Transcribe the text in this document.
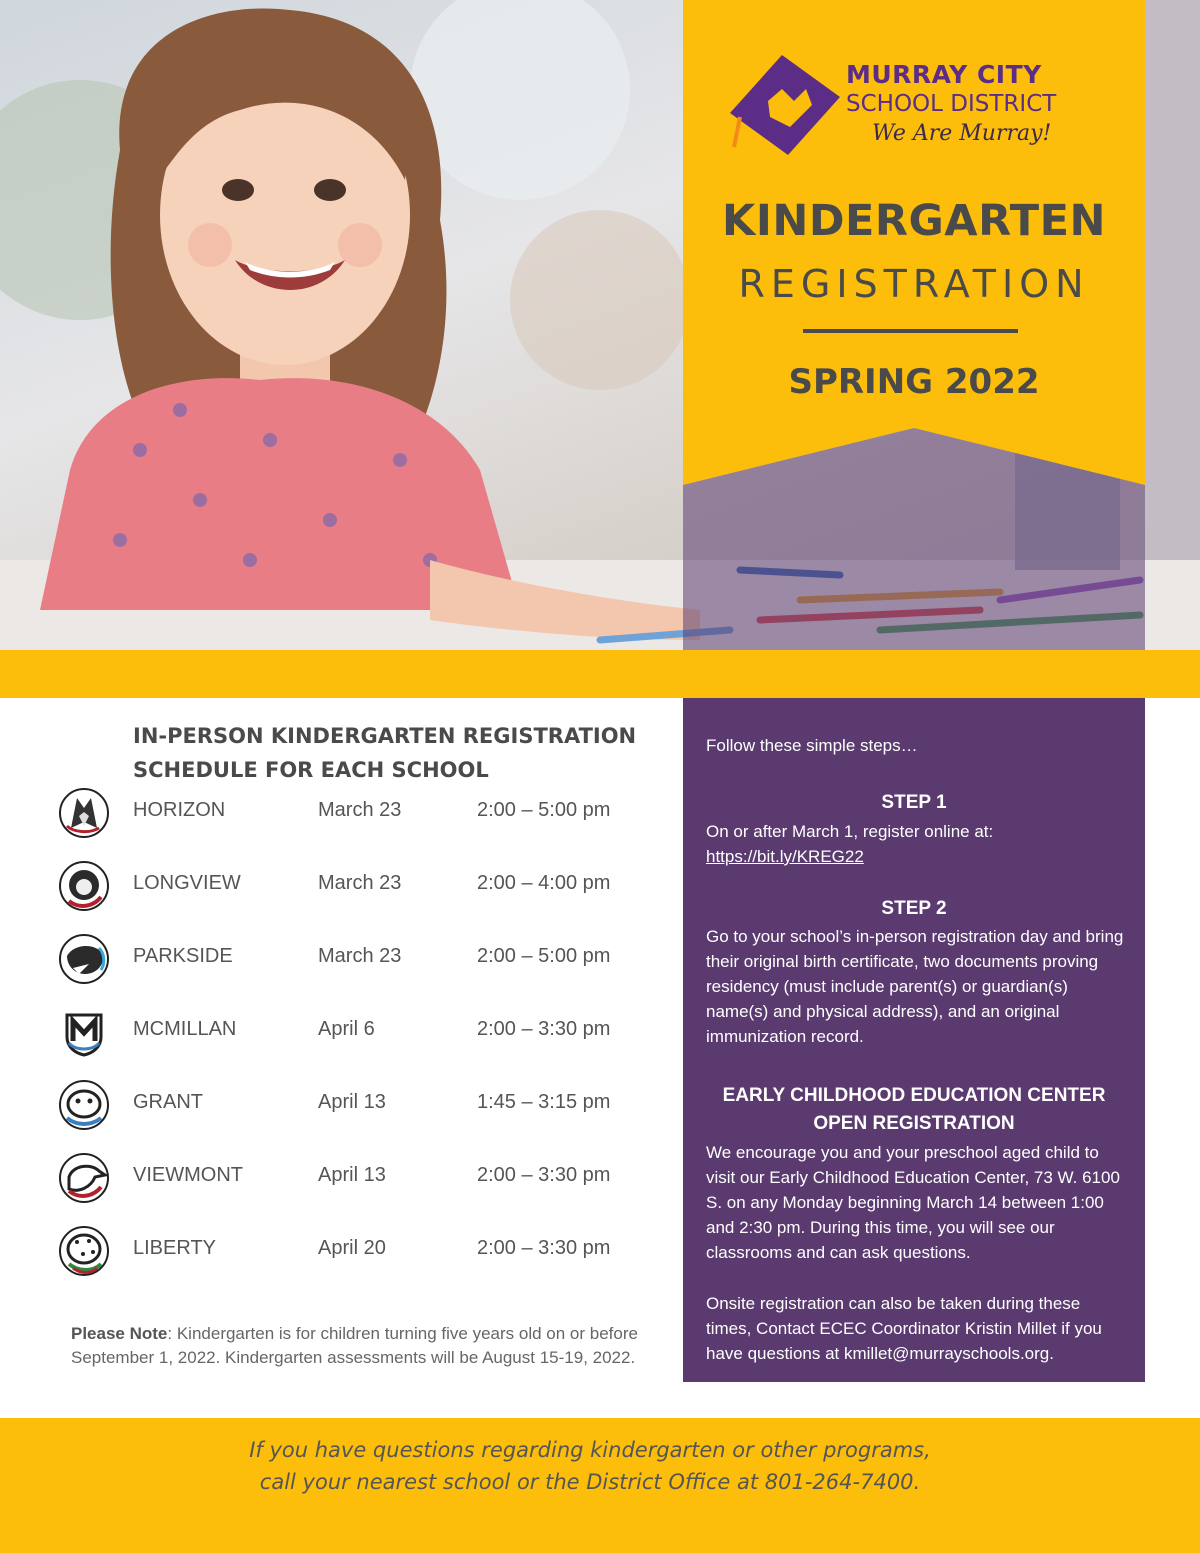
MURRAY CITY
SCHOOL DISTRICT
We Are Murray!
KINDERGARTEN
REGISTRATION
SPRING 2022
IN-PERSON KINDERGARTEN REGISTRATION
SCHEDULE FOR EACH SCHOOL
HORIZON	March 23	2:00 – 5:00 pm
LONGVIEW	March 23	2:00 – 4:00 pm
PARKSIDE	March 23	2:00 – 5:00 pm
MCMILLAN	April 6	2:00 – 3:30 pm
GRANT	April 13	1:45 – 3:15 pm
VIEWMONT	April 13	2:00 – 3:30 pm
LIBERTY	April 20	2:00 – 3:30 pm
Please Note: Kindergarten is for children turning five years old on or before September 1, 2022. Kindergarten assessments will be August 15-19, 2022.
Follow these simple steps…
STEP 1
On or after March 1, register online at:
https://bit.ly/KREG22
STEP 2
Go to your school’s in-person registration day and bring their original birth certificate, two documents proving residency (must include parent(s) or guardian(s) name(s) and physical address), and an original immunization record.
EARLY CHILDHOOD EDUCATION CENTER
OPEN REGISTRATION
We encourage you and your preschool aged child to visit our Early Childhood Education Center, 73 W. 6100 S. on any Monday beginning March 14 between 1:00 and 2:30 pm. During this time, you will see our classrooms and can ask questions.
Onsite registration can also be taken during these times, Contact ECEC Coordinator Kristin Millet if you have questions at kmillet@murrayschools.org.
If you have questions regarding kindergarten or other programs,
call your nearest school or the District Office at 801-264-7400.
